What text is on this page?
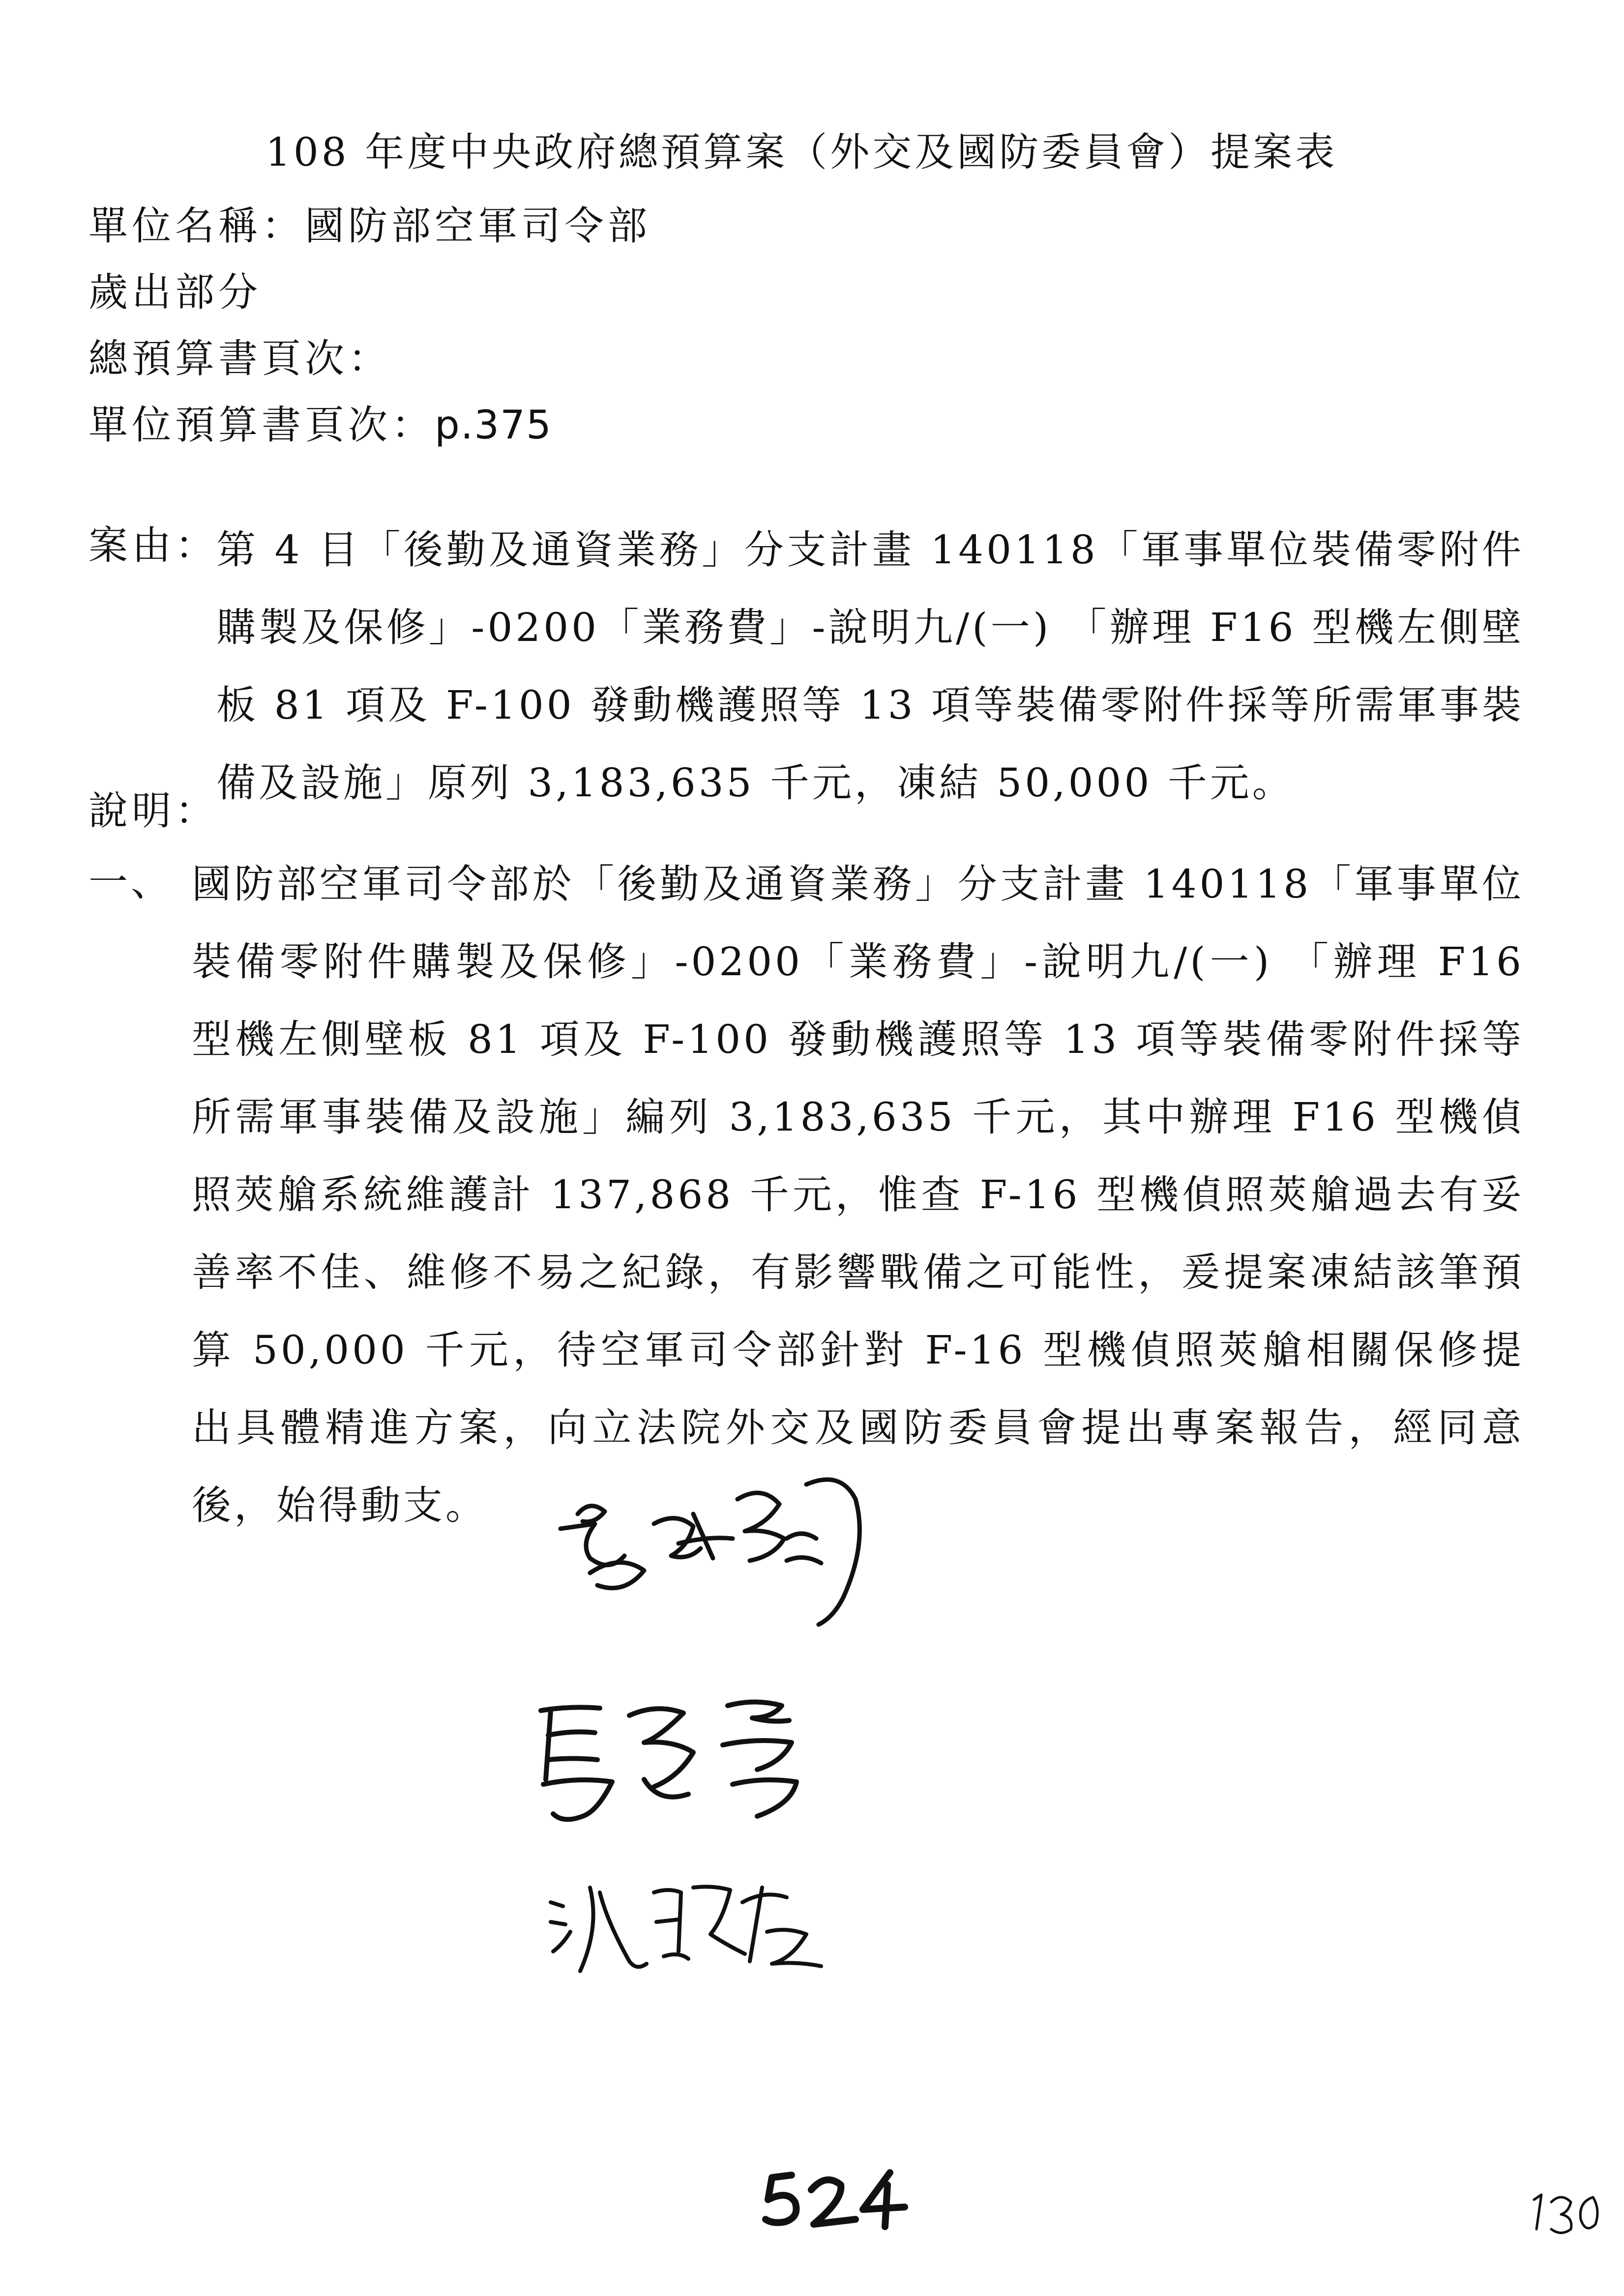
108 年度中央政府總預算案（外交及國防委員會）提案表
單位名稱：國防部空軍司令部
歲出部分
總預算書頁次：
單位預算書頁次：p.375
案由：
第 4 目「後勤及通資業務」分支計畫 140118「軍事單位裝備零附件購製及保修」-0200「業務費」-說明九/(一) 「辦理 F16 型機左側壁板 81 項及 F-100 發動機護照等 13 項等裝備零附件採等所需軍事裝備及設施」原列 3,183,635 千元，凍結 50,000 千元。
說明：
一、 國防部空軍司令部於「後勤及通資業務」分支計畫 140118「軍事單位裝備零附件購製及保修」-0200「業務費」-說明九/(一) 「辦理 F16 型機左側壁板 81 項及 F-100 發動機護照等 13 項等裝備零附件採等所需軍事裝備及設施」編列 3,183,635 千元，其中辦理 F16 型機偵照莢艙系統維護計 137,868 千元，惟查 F-16 型機偵照莢艙過去有妥善率不佳、維修不易之紀錄，有影響戰備之可能性，爰提案凍結該筆預算 50,000 千元，待空軍司令部針對 F-16 型機偵照莢艙相關保修提出具體精進方案，向立法院外交及國防委員會提出專案報告，經同意後，始得動支。
